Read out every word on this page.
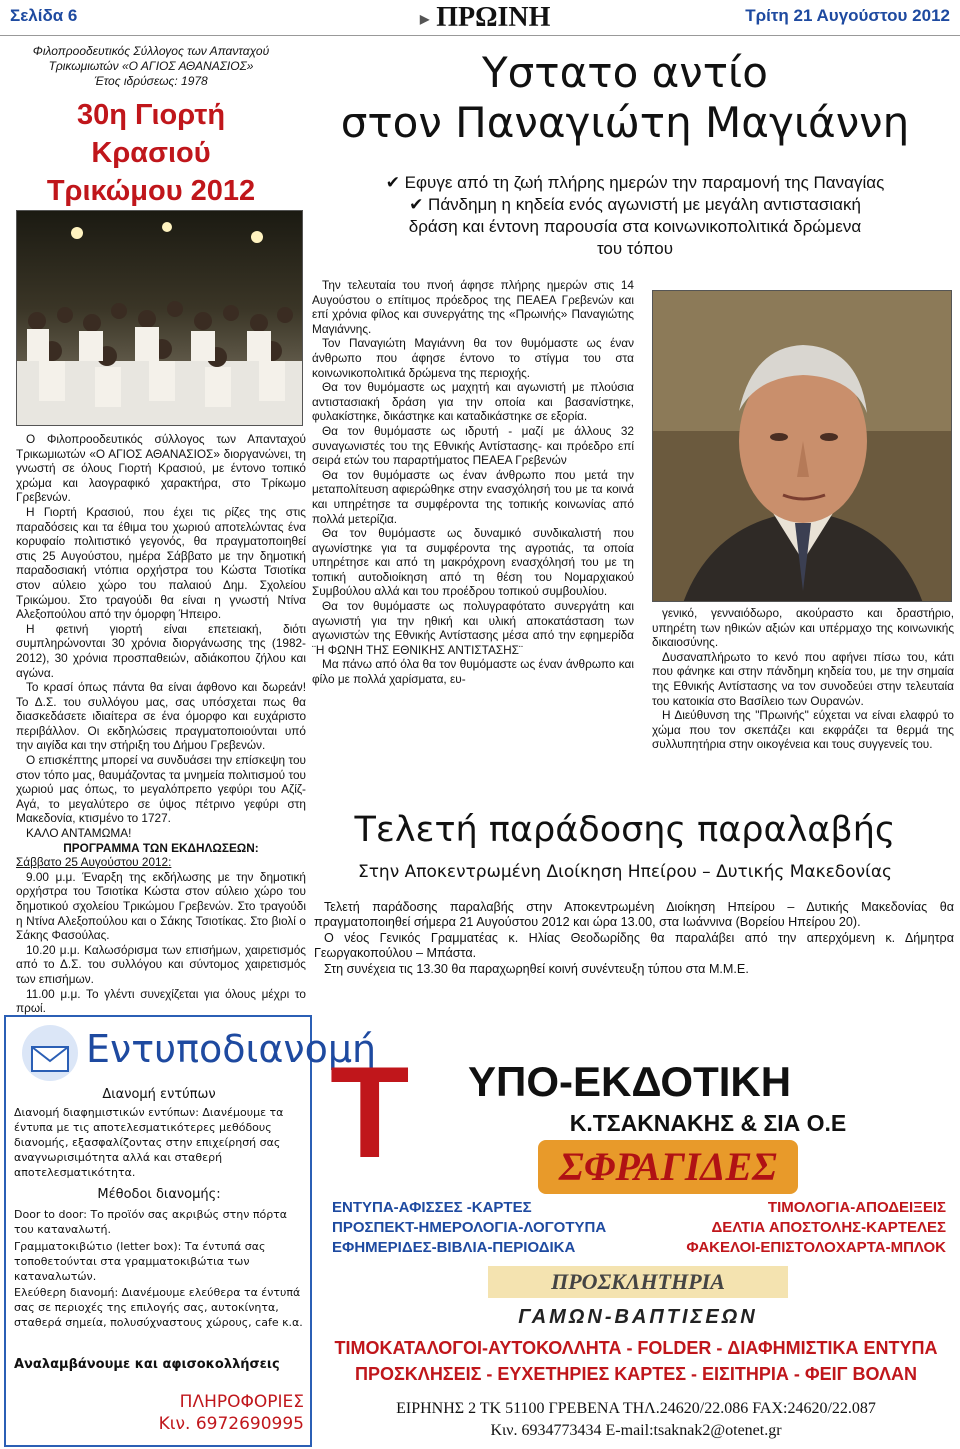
Σελίδα 6	▶ ΠΡΩΙΝΗ	Τρίτη 21 Αυγούστου 2012
Φιλοπροοδευτικός Σύλλογος των Απανταχού
Τρικωμιωτών «Ο ΑΓΙΟΣ ΑΘΑΝΑΣΙΟΣ»
Έτος ιδρύσεως: 1978
30η Γιορτή Κρασιού
Τρικώμου 2012

Ο Φιλοπροοδευτικός σύλλογος των Απανταχού Τρικωμιωτών «Ο ΑΓΙΟΣ ΑΘΑΝΑΣΙΟΣ» διοργανώνει, τη γνωστή σε όλους Γιορτή Κρασιού, με έντονο τοπικό χρώμα και λαογραφικό χαρακτήρα, στο Τρίκωμο Γρεβενών.

Η Γιορτή Κρασιού, που έχει τις ρίζες της στις παραδόσεις και τα έθιμα του χωριού αποτελώντας ένα κορυφαίο πολιτιστικό γεγονός, θα πραγματοποιηθεί στις 25 Αυγούστου, ημέρα Σάββατο με την δημοτική παραδοσιακή ντόπια ορχήστρα του Κώστα Τσιοτίκα στον αύλειο χώρο του παλαιού Δημ. Σχολείου Τρικώμου. Στο τραγούδι θα είναι η γνωστή Ντίνα Αλεξοπούλου από την όμορφη Ήπειρο.

Η φετινή γιορτή είναι επετειακή, διότι συμπληρώνονται 30 χρόνια διοργάνωσης της (1982-2012), 30 χρόνια προσπαθειών, αδιάκοπου ζήλου και αγώνα.

Το κρασί όπως πάντα θα είναι άφθονο και δωρεάν! Το Δ.Σ. του συλλόγου μας, σας υπόσχεται πως θα διασκεδάσετε ιδιαίτερα σε ένα όμορφο και ευχάριστο περιβάλλον. Οι εκδηλώσεις πραγματοποιούνται υπό την αιγίδα και την στήριξη του Δήμου Γρεβενών.

Ο επισκέπτης μπορεί να συνδυάσει την επίσκεψη του στον τόπο μας, θαυμάζοντας τα μνημεία πολιτισμού του χωριού μας όπως, το μεγαλόπρεπο γεφύρι του Αζίζ-Αγά, το μεγαλύτερο σε ύψος πέτρινο γεφύρι στη Μακεδονία, κτισμένο το 1727.

ΚΑΛΟ ΑΝΤΑΜΩΜΑ!

ΠΡΟΓΡΑΜΜΑ ΤΩΝ ΕΚΔΗΛΩΣΕΩΝ:

Σάββατο 25 Αυγούστου 2012:

9.00 μ.μ. Έναρξη της εκδήλωσης με την δημοτική ορχήστρα του Τσιοτίκα Κώστα στον αύλειο χώρο του δημοτικού σχολείου Τρικώμου Γρεβενών. Στο τραγούδι η Ντίνα Αλεξοπούλου και ο Σάκης Τσιοτίκας. Στο βιολί ο Σάκης Φασούλας.

10.20 μ.μ. Καλωσόρισμα των επισήμων, χαιρετισμός από το Δ.Σ. του συλλόγου και σύντομος χαιρετισμός των επισήμων.

11.00 μ.μ. Το γλέντι συνεχίζεται για όλους μέχρι το πρωί.

Υστατο αντίο
στον Παναγιώτη Μαγιάννη
✔ Εφυγε από τη ζωή πλήρης ημερών την παραμονή της Παναγίας
✔ Πάνδημη η κηδεία ενός αγωνιστή με μεγάλη αντιστασιακή
δράση και έντονη παρουσία στα κοινωνικοπολιτικά δρώμενα
του τόπου

Την τελευταία του πνοή άφησε πλήρης ημερών στις 14 Αυγούστου ο επίτιμος πρόεδρος της ΠΕΑΕΑ Γρεβενών και επί χρόνια φίλος και συνεργάτης της «Πρωινής» Παναγιώτης Μαγιάννης.

Τον Παναγιώτη Μαγιάννη θα τον θυμόμαστε ως έναν άνθρωπο που άφησε έντονο το στίγμα του στα κοινωνικοπολιτικά δρώμενα της περιοχής.

Θα τον θυμόμαστε ως μαχητή και αγωνιστή με πλούσια αντιστασιακή δράση για την οποία και βασανίστηκε, φυλακίστηκε, δικάστηκε και καταδικάστηκε σε εξορία.

Θα τον θυμόμαστε ως ιδρυτή - μαζί με άλλους 32 συναγωνιστές του της Εθνικής Αντίστασης- και πρόεδρο επί σειρά ετών του παραρτήματος ΠΕΑΕΑ Γρεβενών

Θα τον θυμόμαστε ως έναν άνθρωπο που μετά την μεταπολίτευση αφιερώθηκε στην εvασχόλησή του με τα κοινά και υπηρέτησε τα συμφέροντα της τοπικής κοινωνίας από πολλά μετερίζια.

Θα τον θυμόμαστε ως δυναμικό συνδικαλιστή που αγωνίστηκε για τα συμφέροντα της αγροτιάς, τα οποία υπηρέτησε και από τη μακρόχρονη ενασχόλησή του με τη τοπική αυτοδιοίκηση από τη θέση του Νομαρχιακού Συμβούλου αλλά και του προέδρου τοπικού συμβουλίου.

Θα τον θυμόμαστε ως πολυγραφότατο συνεργάτη και αγωνιστή για την ηθική και υλική αποκατάσταση των αγωνιστών της Εθνικής Αντίστασης μέσα από την εφημερίδα ¨Η ΦΩΝΗ ΤΗΣ ΕΘΝΙΚΗΣ ΑΝΤΙΣΤΑΣΗΣ¨

Μα πάνω από όλα θα τον θυμόμαστε ως έναν άνθρωπο και φίλο με πολλά χαρίσματα, ευ-

γενικό, γενναιόδωρο, ακούραστο και δραστήριο, υπηρέτη των ηθικών αξιών και υπέρμαχο της κοινωνικής δικαιοσύνης.

Δυσαναπλήρωτο το κενό που αφήνει πίσω του, κάτι που φάνηκε και στην πάνδημη κηδεία του, με την σημαία της Εθνικής Αντίστασης να τον συνοδεύει στην τελευταία του κατοικία στο Βασίλειο των Ουρανών.

Η Διεύθυνση της "Πρωινής" εύχεται να είναι ελαφρύ το χώμα που τον σκεπάζει και εκφράζει τα θερμά της συλλυπητήρια στην οικογένεια και τους συγγενείς του.

Τελετή παράδοσης παραλαβής
Στην Αποκεντρωμένη Διοίκηση Ηπείρου – Δυτικής Μακεδονίας

Τελετή παράδοσης παραλαβής στην Αποκεντρωμένη Διοίκηση Ηπείρου – Δυτικής Μακεδονίας θα πραγματοποιηθεί σήμερα 21 Αυγούστου 2012 και ώρα 13.00, στα Ιωάννινα (Βορείου Ηπείρου 20).

Ο νέος Γενικός Γραμματέας κ. Ηλίας Θεοδωρίδης θα παραλάβει από την απερχόμενη κ. Δήμητρα Γεωργακοπούλου – Μπάστα.

Στη συνέχεια τις 13.30 θα παραχωρηθεί κοινή συνέντευξη τύπου στα Μ.Μ.Ε.

Εντυποδιανομή
Διανομή εντύπων
Διανομή διαφημιστικών εντύπων: Διανέμουμε τα έντυπα με τις αποτελεσματικότερες μεθόδους διανομής, εξασφαλίζοντας στην επιχείρησή σας αναγνωρισιμότητα αλλά και σταθερή αποτελεσματικότητα.
Μέθοδοι διανομής:
Door to door: Το προϊόν σας ακριβώς στην πόρτα του καταναλωτή.
Γραμματοκιβώτιο (letter box): Τα έντυπά σας τοποθετούνται στα γραμματοκιβώτια των καταναλωτών.
Ελεύθερη διανομή: Διανέμουμε ελεύθερα τα έντυπά σας σε περιοχές της επιλογής σας, αυτοκίνητα, σταθερά σημεία, πολυσύχναστους χώρους, cafe κ.α.
Αναλαμβάνουμε και αφισοκολλήσεις
ΠΛΗΡΟΦΟΡΙΕΣ
Κιν. 6972690995
T	ΥΠΟ-ΕΚΔΟΤΙΚΗ
Κ.ΤΣΑΚΝΑΚΗΣ & ΣΙΑ Ο.Ε
ΣΦΡΑΓΙΔΕΣ
ΕΝΤΥΠΑ-ΑΦΙΣΣΕΣ -ΚΑΡΤΕΣ
ΠΡΟΣΠΕΚΤ-ΗΜΕΡΟΛΟΓΙΑ-ΛΟΓΟΤΥΠΑ
ΕΦΗΜΕΡΙΔΕΣ-ΒΙΒΛΙΑ-ΠΕΡΙΟΔΙΚΑ
ΤΙΜΟΛΟΓΙΑ-ΑΠΟΔΕΙΞΕΙΣ
ΔΕΛΤΙΑ ΑΠΟΣΤΟΛΗΣ-ΚΑΡΤΕΛΕΣ
ΦΑΚΕΛΟΙ-ΕΠΙΣΤΟΛΟΧΑΡΤΑ-ΜΠΛΟΚ
ΠΡΟΣΚΛΗΤΗΡΙΑ
ΓΑΜΩΝ-ΒΑΠΤΙΣΕΩΝ
ΤΙΜΟΚΑΤΑΛΟΓΟΙ-ΑΥΤΟΚΟΛΛΗΤΑ - FOLDER - ΔΙΑΦΗΜΙΣΤΙΚΑ ΕΝΤΥΠΑ
ΠΡΟΣΚΛΗΣΕΙΣ - ΕΥΧΕΤΗΡΙΕΣ ΚΑΡΤΕΣ - ΕΙΣΙΤΗΡΙΑ - ΦΕΙΓ ΒΟΛΑΝ
ΕΙΡΗΝΗΣ 2 ΤΚ 51100 ΓΡΕΒΕΝΑ ΤΗΛ.24620/22.086 FAX:24620/22.087
Κιν. 6934773434 E-mail:tsaknak2@otenet.gr
